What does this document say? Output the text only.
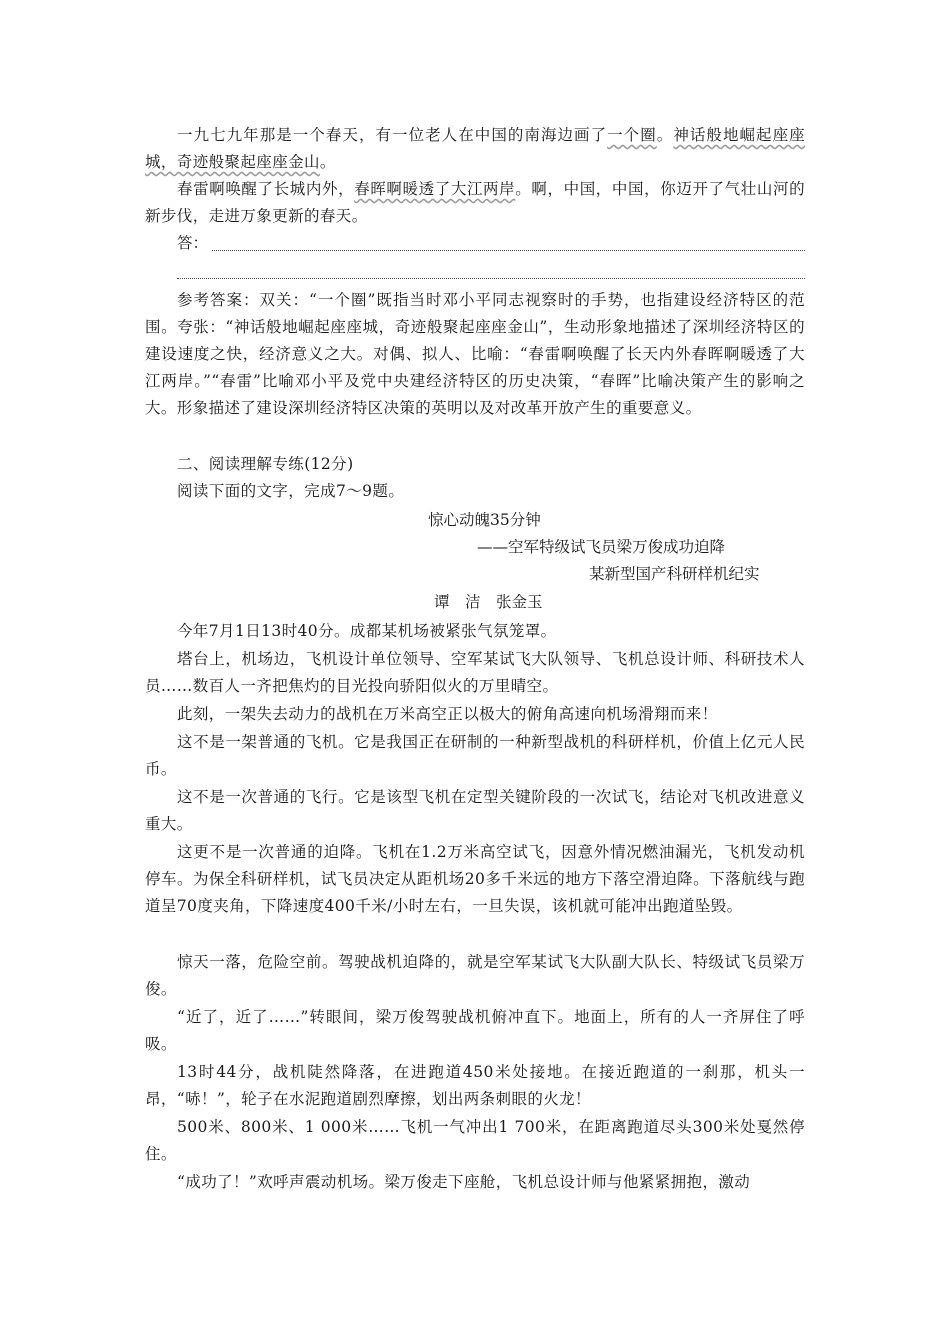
一九七九年那是一个春天，有一位老人在中国的南海边画了一个圈。神话般地崛起座座城，奇迹般聚起座座金山。

春雷啊唤醒了长城内外，春晖啊暖透了大江两岸。啊，中国，中国，你迈开了气壮山河的新步伐，走进万象更新的春天。

答：

参考答案：双关：“一个圈”既指当时邓小平同志视察时的手势，也指建设经济特区的范围。夸张：“神话般地崛起座座城，奇迹般聚起座座金山”，生动形象地描述了深圳经济特区的建设速度之快，经济意义之大。对偶、拟人、比喻：“春雷啊唤醒了长天内外春晖啊暖透了大江两岸。”“春雷”比喻邓小平及党中央建经济特区的历史决策，“春晖”比喻决策产生的影响之大。形象描述了建设深圳经济特区决策的英明以及对改革开放产生的重要意义。

二、阅读理解专练(12分)

阅读下面的文字，完成7～9题。

惊心动魄35分钟
——空军特级试飞员梁万俊成功迫降
某新型国产科研样机纪实
谭　洁　张金玉

今年7月1日13时40分。成都某机场被紧张气氛笼罩。

塔台上，机场边，飞机设计单位领导、空军某试飞大队领导、飞机总设计师、科研技术人员……数百人一齐把焦灼的目光投向骄阳似火的万里晴空。

此刻，一架失去动力的战机在万米高空正以极大的俯角高速向机场滑翔而来！

这不是一架普通的飞机。它是我国正在研制的一种新型战机的科研样机，价值上亿元人民币。

这不是一次普通的飞行。它是该型飞机在定型关键阶段的一次试飞，结论对飞机改进意义重大。

这更不是一次普通的迫降。飞机在1.2万米高空试飞，因意外情况燃油漏光，飞机发动机停车。为保全科研样机，试飞员决定从距机场20多千米远的地方下落空滑迫降。下落航线与跑道呈70度夹角，下降速度400千米/小时左右，一旦失误，该机就可能冲出跑道坠毁。

惊天一落，危险空前。驾驶战机迫降的，就是空军某试飞大队副大队长、特级试飞员梁万俊。

“近了，近了……”转眼间，梁万俊驾驶战机俯冲直下。地面上，所有的人一齐屏住了呼吸。

13时44分，战机陡然降落，在进跑道450米处接地。在接近跑道的一刹那，机头一昂，“哧！”，轮子在水泥跑道剧烈摩擦，划出两条刺眼的火龙！

500米、800米、1 000米……飞机一气冲出1 700米，在距离跑道尽头300米处戛然停住。

“成功了！”欢呼声震动机场。梁万俊走下座舱，飞机总设计师与他紧紧拥抱，激动
